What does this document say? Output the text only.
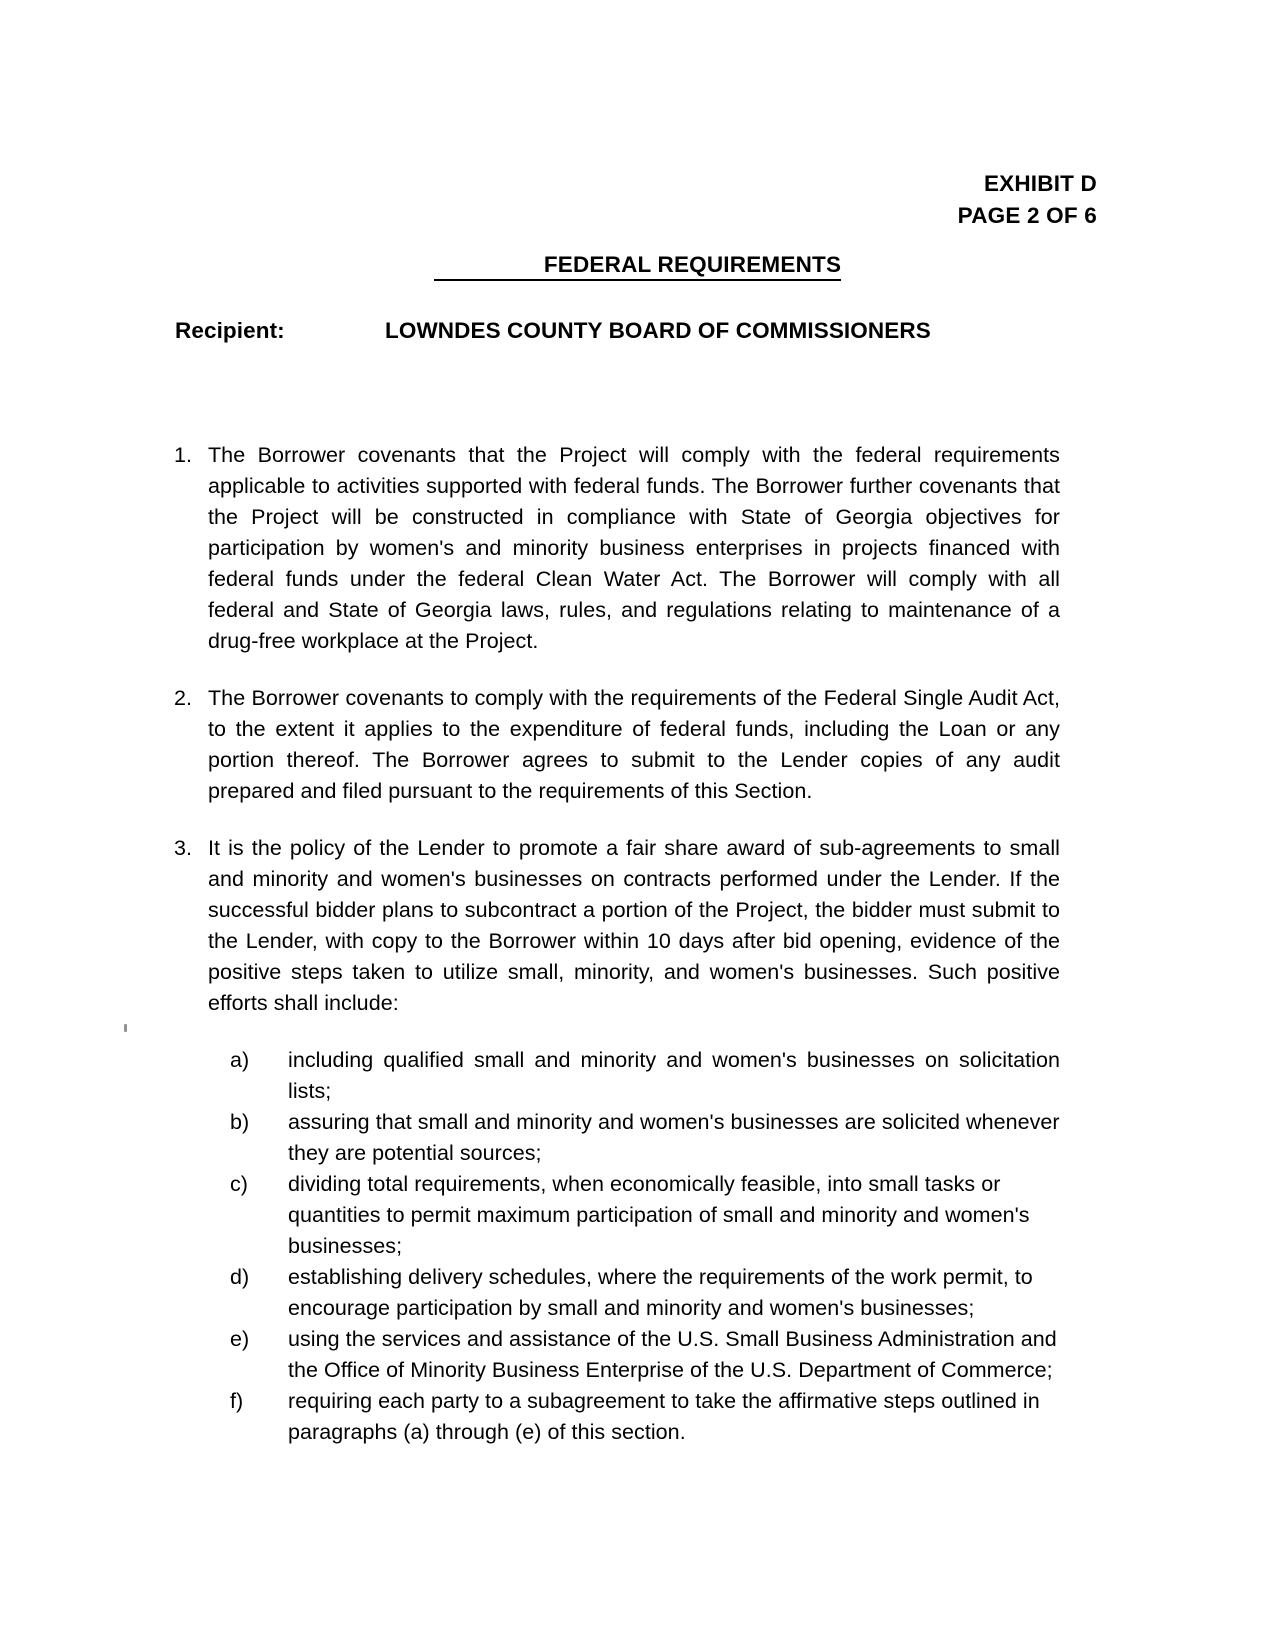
EXHIBIT D
PAGE 2 OF 6
FEDERAL REQUIREMENTS
Recipient:	LOWNDES COUNTY BOARD OF COMMISSIONERS
1. The Borrower covenants that the Project will comply with the federal requirements applicable to activities supported with federal funds. The Borrower further covenants that the Project will be constructed in compliance with State of Georgia objectives for participation by women's and minority business enterprises in projects financed with federal funds under the federal Clean Water Act. The Borrower will comply with all federal and State of Georgia laws, rules, and regulations relating to maintenance of a drug-free workplace at the Project.
2. The Borrower covenants to comply with the requirements of the Federal Single Audit Act, to the extent it applies to the expenditure of federal funds, including the Loan or any portion thereof. The Borrower agrees to submit to the Lender copies of any audit prepared and filed pursuant to the requirements of this Section.
3. It is the policy of the Lender to promote a fair share award of sub-agreements to small and minority and women's businesses on contracts performed under the Lender. If the successful bidder plans to subcontract a portion of the Project, the bidder must submit to the Lender, with copy to the Borrower within 10 days after bid opening, evidence of the positive steps taken to utilize small, minority, and women's businesses. Such positive efforts shall include:
a)	including qualified small and minority and women's businesses on solicitation lists;
b)	assuring that small and minority and women's businesses are solicited whenever they are potential sources;
c)	dividing total requirements, when economically feasible, into small tasks or quantities to permit maximum participation of small and minority and women's businesses;
d)	establishing delivery schedules, where the requirements of the work permit, to encourage participation by small and minority and women's businesses;
e)	using the services and assistance of the U.S. Small Business Administration and the Office of Minority Business Enterprise of the U.S. Department of Commerce;
f)	requiring each party to a subagreement to take the affirmative steps outlined in paragraphs (a) through (e) of this section.
